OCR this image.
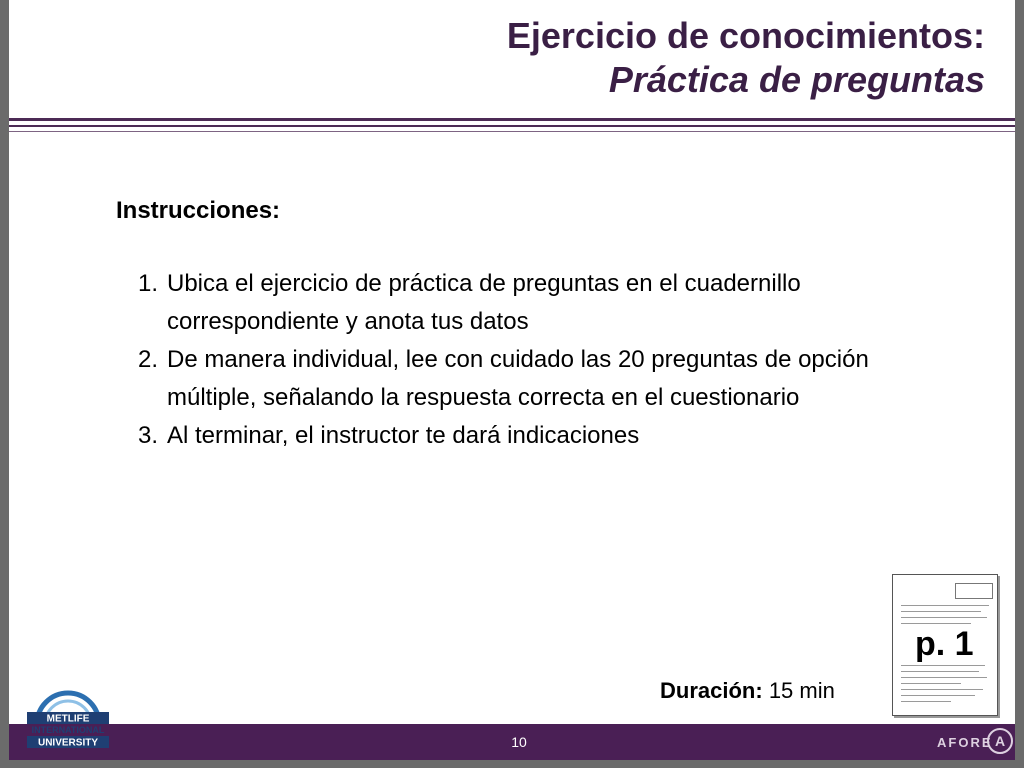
Ejercicio de conocimientos:
Práctica de preguntas
Instrucciones:
1. Ubica el ejercicio de práctica de preguntas en el cuadernillo correspondiente y anota tus datos
2. De manera individual, lee con cuidado las 20 preguntas de opción múltiple, señalando la respuesta correcta en el cuestionario
3. Al terminar, el instructor te dará indicaciones
p. 1
Duración: 15 min
10	AFORE A
METLIFE
INTERNATIONAL
UNIVERSITY
